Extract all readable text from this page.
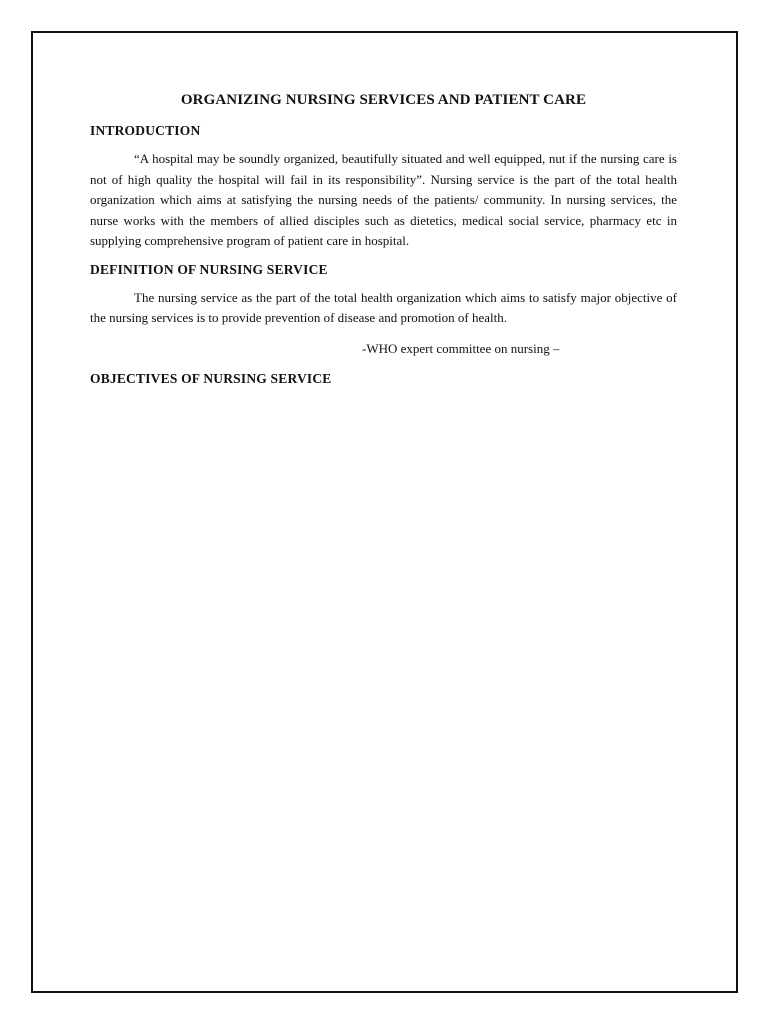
ORGANIZING NURSING SERVICES AND PATIENT CARE
INTRODUCTION

“A hospital may be soundly organized, beautifully situated and well equipped, nut if the nursing care is not of high quality the hospital will fail in its responsibility”. Nursing service is the part of the total health organization which aims at satisfying the nursing needs of the patients/ community. In nursing services, the nurse works with the members of allied disciples such as dietetics, medical social service, pharmacy etc in supplying comprehensive program of patient care in hospital.

DEFINITION OF NURSING SERVICE

The nursing service as the part of the total health organization which aims to satisfy major objective of the nursing services is to provide prevention of disease and promotion of health.

-WHO expert committee on nursing –
OBJECTIVES OF NURSING SERVICE
